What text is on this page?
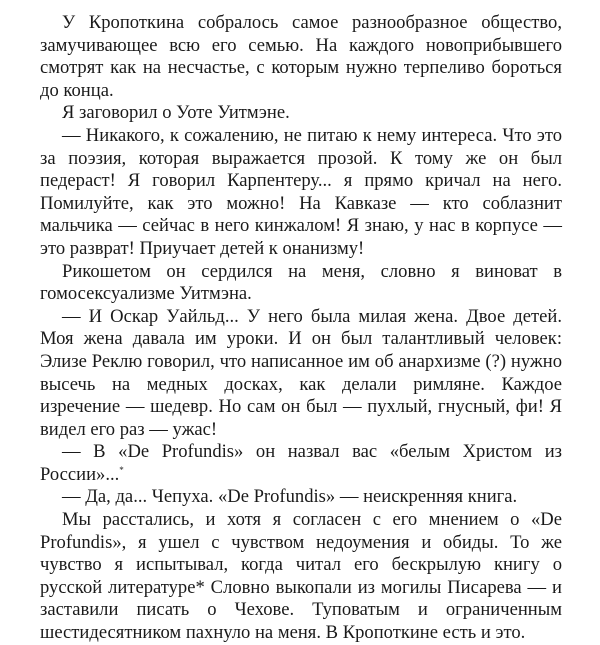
У Кропоткина собралось самое разнообразное общество, замучивающее всю его семью. На каждого новоприбывшего смотрят как на несчастье, с которым нужно терпеливо бороться до конца.

Я заговорил о Уоте Уитмэне.

— Никакого, к сожалению, не питаю к нему интереса. Что это за поэзия, которая выражается прозой. К тому же он был педераст! Я говорил Карпентеру... я прямо кричал на него. Помилуйте, как это можно! На Кавказе — кто соблазнит мальчика — сейчас в него кинжалом! Я знаю, у нас в корпусе — это разврат! Приучает детей к онанизму!

Рикошетом он сердился на меня, словно я виноват в гомосексуализме Уитмэна.

— И Оскар Уайльд... У него была милая жена. Двое детей. Моя жена давала им уроки. И он был талантливый человек: Элизе Реклю говорил, что написанное им об анархизме (?) нужно высечь на медных досках, как делали римляне. Каждое изречение — шедевр. Но сам он был — пухлый, гнусный, фи! Я видел его раз — ужас!

— В «De Profundis» он назвал вас «белым Христом из России»...*

— Да, да... Чепуха. «De Profundis» — неискренняя книга.

Мы расстались, и хотя я согласен с его мнением о «De Profundis», я ушел с чувством недоумения и обиды. То же чувство я испытывал, когда читал его бескрылую книгу о русской литературе* Словно выкопали из могилы Писарева — и заставили писать о Чехове. Туповатым и ограниченным шестидесятником пахнуло на меня. В Кропоткине есть и это.
